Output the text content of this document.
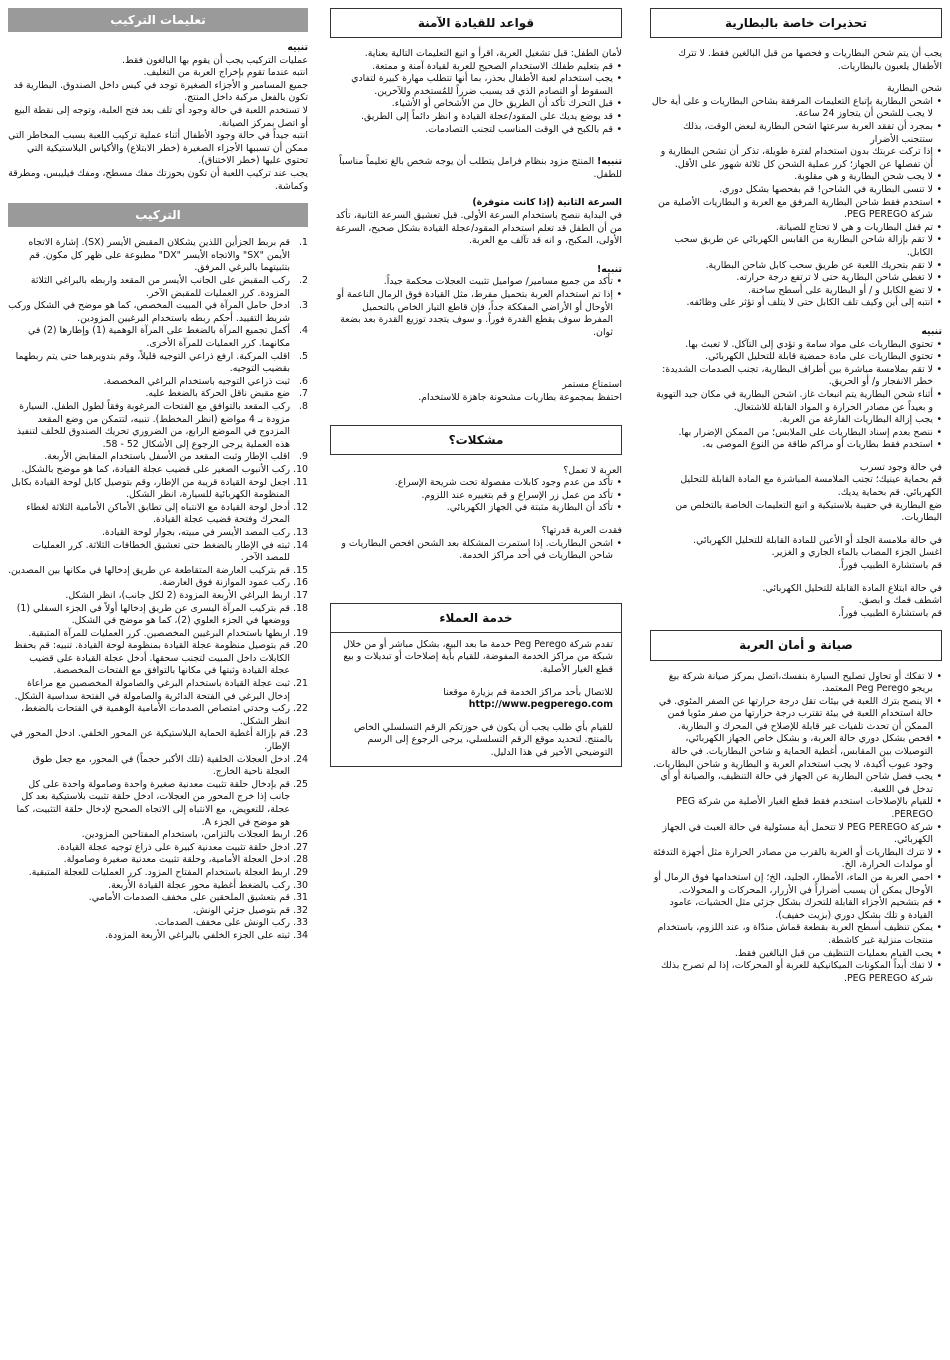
تعليمات التركيب

تنبيه

عمليات التركيب يجب أن يقوم بها البالغون فقط.

انتبه عندما تقوم بإخراج العربة من التغليف.

جميع المسامير و الأجزاء الصغيرة توجد في كيس داخل الصندوق. البطارية قد تكون بالفعل مركبة داخل المنتج.

لا تستخدم اللعبة في حالة وجود أي تلف بعد فتح العلبة، وتوجه إلى نقطة البيع أو اتصل بمركز الصيانة.

انتبه جيداً في حالة وجود الأطفال أثناء عملية تركيب اللعبة بسبب المخاطر التي ممكن أن تسببها الأجزاء الصغيرة (خطر الابتلاع) والأكياس البلاستيكية التي تحتوي عليها (خطر الاختناق).

يجب عند تركيب اللعبة أن تكون بحوزتك مفك مسطح، ومفك فيليبس، ومطرقة وكماشة.

التركيب
1.
قم بربط الجزأين اللذين يشكلان المقبض الأيسر (SX). إشارة الاتجاه الأيمن "SX" والاتجاه الأيسر "DX" مطبوعة على ظهر كل مكون. قم بتثبيتهما بالبرغي المرفق.
2.
ركب المقبض على الجانب الأيسر من المقعد واربطه بالبراغي الثلاثة المزودة. كرر العمليات للمقبض الآخر.
3.
ادخل حامل المرآة في المبيت المخصص، كما هو موضح في الشكل وركب شريط التقييد. أحكم ربطه باستخدام البرغيين المزودين.
4.
أكمل تجميع المرآة بالضغط على المرآة الوهمية (1) وإطارها (2) في مكانهما. كرر العمليات للمرآة الأخرى.
5.
اقلب المركبة. ارفع ذراعي التوجيه قليلاً، وقم بتدويرهما حتى يتم ربطهما بقضيب التوجيه.
6.
ثبت ذراعي التوجيه باستخدام البراغي المخصصة.
7.
ضع مقبض ناقل الحركة بالضغط عليه.
8.
ركب المقعد بالتوافق مع الفتحات المرغوبة وفقاً لطول الطفل. السيارة مزودة بـ 4 مواضع (انظر المخطط). تنبيه، لتتمكن من وضع المقعد المزدوج في الموضع الرابع، من الضروري تحريك الصندوق للخلف لتنفيذ هذه العملية يرجى الرجوع إلى الأشكال 52 - 58.
9.
اقلب الإطار وثبت المقعد من الأسفل باستخدام المقابض الأربعة.
10.
ركب الأنبوب الصغير على قضيب عجلة القيادة، كما هو موضح بالشكل.
11.
اجعل لوحة القيادة قريبة من الإطار، وقم بتوصيل كابل لوحة القيادة بكابل المنظومة الكهربائية للسيارة، انظر الشكل.
12.
أدخل لوحة القيادة مع الانتباه إلى تطابق الأماكن الأمامية الثلاثة لغطاء المحرك وفتحة قضيب عجلة القيادة.
13.
ركب المصد الأيسر في مبيته، بجوار لوحة القيادة.
14.
ثبته في الإطار بالضغط حتى تعشيق الخطافات الثلاثة. كرر العمليات للمصد الآخر.
15.
قم بتركيب العارضة المتقاطعة عن طريق إدخالها في مكانها بين المصدين.
16.
ركب عمود الموازنة فوق العارضة.
17.
اربط البراغي الأربعة المزودة (2 لكل جانب)، انظر الشكل.
18.
قم بتركيب المرآة اليسرى عن طريق إدخالها أولاً في الجزء السفلي (1) ووضعها في الجزء العلوي (2)، كما هو موضح في الشكل.
19.
اربطها باستخدام البرغيين المخصصين. كرر العمليات للمرآة المتبقية.
20.
قم بتوصيل منظومة عجلة القيادة بمنظومة لوحة القيادة. تنبيه: قم بحفظ الكابلات داخل المبيت لتجنب سحقها. أدخل عجلة القيادة على قضيب عجلة القيادة وثبتها في مكانها بالتوافق مع الفتحات المخصصة.
21.
ثبت عجلة القيادة باستخدام البرغي والصامولة المخصصين مع مراعاة إدخال البرغي في الفتحة الدائرية والصامولة في الفتحة سداسية الشكل.
22.
ركب وحدتي امتصاص الصدمات الأمامية الوهمية في الفتحات بالضغط، انظر الشكل.
23.
قم بإزالة أغطية الحماية البلاستيكية عن المحور الخلفي. ادخل المحور في الإطار.
24.
ادخل العجلات الخلفية (تلك الأكبر حجماً) في المحور، مع جعل طوق العجلة ناحية الخارج.
25.
قم بإدخال حلقة تثبيت معدنية صغيرة واحدة وصامولة واحدة على كل جانب إذا خرج المحور من العجلات، ادخل حلقة تثبيت بلاستيكية بعد كل عجلة، للتعويض، مع الانتباه إلى الاتجاه الصحيح لإدخال حلقة التثبيت، كما هو موضح في الجزء A.
26.
اربط العجلات بالتزامن، باستخدام المفتاحين المزودين.
27.
ادخل حلقة تثبيت معدنية كبيرة على ذراع توجيه عجلة القيادة.
28.
ادخل العجلة الأمامية، وحلقة تثبيت معدنية صغيرة وصامولة.
29.
اربط العجلة باستخدام المفتاح المزود. كرر العمليات للعجلة المتبقية.
30.
ركب بالضغط أغطية محور عجلة القيادة الأربعة.
31.
قم بتعشيق الملحقين على مخفف الصدمات الأمامي.
32.
قم بتوصيل جزئي الونش.
33.
ركب الونش على مخفف الصدمات.
34.
ثبته على الجزء الخلفي بالبراغي الأربعة المزودة.
قواعد للقيادة الآمنة

لأمان الطفل: قبل تشغيل العربة، اقرأ و اتبع التعليمات التالية بعناية.

• قم بتعليم طفلك الاستخدام الصحيح للعربة لقيادة آمنة و ممتعة.
• يجب استخدام لعبة الأطفال بحذر، بما أنها تتطلب مهارة كبيرة لتفادي السقوط أو التصادم الذي قد يسبب ضرراً للمُستخدم وللآخرين.
• قبل التحرك تأكد أن الطريق خال من الأشخاص أو الأشياء.
• قد يوضع يديك على المقود/عجلة القيادة و انظر دائماً إلى الطريق.
• قم بالكبح في الوقت المناسب لتجنب التصادمات.

تنبيه! المنتج مزود بنظام فرامل يتطلب أن يوجه شخص بالغ تعليماً مناسباً للطفل.

السرعة الثانية (إذا كانت متوفرة)

في البداية ننصح باستخدام السرعة الأولى. قبل تعشيق السرعة الثانية، تأكد من أن الطفل قد تعلم استخدام المقود/عجلة القيادة بشكل صحيح، السرعة الأولى، المكبح، و انه قد تآلف مع العربة.

تنبيه!

• تأكد من جميع مسامير/ صواميل تثبيت العجلات محكمة جيداً.
• إذا تم استخدام العربة بتحميل مفرط، مثل القيادة فوق الرمال الناعمة أو الأوحال أو الأراضي المفككة جداً، فإن قاطع التيار الخاص بالتحميل المفرط سوف يقطع القدرة فوراً. و سوف يتجدد توزيع القدرة بعد بضعة ثوان.

استمتاع مستمر

احتفظ بمجموعة بطاريات مشحونة جاهزة للاستخدام.

مشكلات؟

العربة لا تعمل؟

• تأكد من عدم وجود كابلات مفصولة تحت شريحة الإسراع.
• تأكد من عمل زر الإسراع و قم بتغييره عند اللزوم.
• تأكد أن البطارية مثبتة في الجهاز الكهربائي.

فقدت العربة قدرتها؟

• اشحن البطاريات. إذا استمرت المشكلة بعد الشحن افحص البطاريات و شاحن البطاريات في أحد مراكز الخدمة.
خدمة العملاء

تقدم شركة Peg Perego خدمة ما بعد البيع، بشكل مباشر أو من خلال شبكة من مراكز الخدمة المفوضة، للقيام بأية إصلاحات أو تبديلات و بيع قطع الغيار الأصلية.

للاتصال بأحد مراكز الخدمة قم بزيارة موقعنا

http://www.pegperego.com

للقيام بأي طلب يجب أن يكون في حوزتكم الرقم التسلسلي الخاص بالمنتج. لتحديد موقع الرقم التسلسلي، يرجى الرجوع إلى الرسم التوضيحي الأخير في هذا الدليل.

تحذيرات خاصة بالبطارية

يجب أن يتم شحن البطاريات و فحصها من قبل البالغين فقط. لا تترك الأطفال يلعبون بالبطاريات.

شحن البطارية

• اشحن البطارية بإتباع التعليمات المرفقة بشاحن البطاريات و على أية حال لا يجب للشحن أن يتجاوز 24 ساعة.
• بمجرد أن تفقد العربة سرعتها اشحن البطارية لبعض الوقت، بذلك ستتجنب الأضرار
• إذا تركت عربتك بدون استخدام لفترة طويلة، تذكر أن تشحن البطارية و أن تفصلها عن الجهاز؛ كرر عملية الشحن كل ثلاثة شهور على الأقل.
• لا يجب شحن البطارية و هي مقلوبة.
• لا تنسى البطارية في الشاحن! قم بفحصها بشكل دوري.
• استخدم فقط شاحن البطارية المرفق مع العربة و البطاريات الأصلية من شركة PEG PEREGO.
• تم قفل البطاريات و هي لا تحتاج للصيانة.
• لا تقم بإزالة شاحن البطارية من القابس الكهربائي عن طريق سحب الكابل.
• لا تقم بتحريك اللعبة عن طريق سحب كابل شاحن البطارية.
• لا تغطي شاحن البطارية حتى لا ترتفع درجة حرارته.
• لا تضع الكابل و / أو البطارية على أسطح ساخنة.
• انتبه إلى أين وكيف تلف الكابل حتى لا يتلف أو تؤثر على وظائفه.

تنبيه

• تحتوي البطاريات على مواد سامة و تؤدي إلى التآكل. لا تعبث بها.
• تحتوي البطاريات على مادة حمضية قابلة للتحليل الكهربائي.
• لا تقم بملامسة مباشرة بين أطراف البطارية، تجنب الصدمات الشديدة: خطر الانفجار و/ أو الحريق.
• أثناء شحن البطارية يتم انبعاث غاز. اشحن البطارية في مكان جيد التهوية و بعيداً عن مصادر الحرارة و المواد القابلة للاشتعال.
• يجب إزالة البطاريات الفارغة من العربة.
• ننصح بعدم إسناد البطاريات على الملابس؛ من الممكن الإضرار بها.
• استخدم فقط بطاريات أو مراكم طاقة من النوع الموصى به.

في حالة وجود تسرب

قم بحماية عينيك؛ تجنب الملامسة المباشرة مع المادة القابلة للتحليل الكهربائي. قم بحماية يديك.

ضع البطارية في حقيبة بلاستيكية و اتبع التعليمات الخاصة بالتخلص من البطاريات.

في حالة ملامسة الجلد أو الأعين للمادة القابلة للتحليل الكهربائي.

اغسل الجزء المصاب بالماء الجاري و الغزير.

قم باستشارة الطبيب فوراً.

في حالة ابتلاع المادة القابلة للتحليل الكهربائي.

اشطف فمك و ابصق.

قم باستشارة الطبيب فوراً.

صيانة و أمان العربة
• لا تفكك أو تحاول تصليح السيارة بنفسك،اتصل بمركز صيانة شركة بيغ بريجو Peg Perego المعتمد.
• الا ينصح بترك اللعبة في بيئات تقل درجة حرارتها عن الصفر المئوي. في حالة استخدام اللعبة في بيئة تقترب درجة حرارتها من صفر مئويا فمن الممكن أن تحدث تلفيات غير قابلة للإصلاح في المحرك و البطارية.
• افحص بشكل دوري حالة العربة، و بشكل خاص الجهاز الكهربائي، التوصيلات بين المقابس، أغطية الحماية و شاحن البطاريات. في حالة وجود عيوب أكيدة، لا يجب استخدام العربة و البطارية و شاحن البطاريات.
• يجب فصل شاحن البطارية عن الجهاز في حالة التنظيف، والصيانة أو أي تدخل في اللعبة.
• للقيام بالإصلاحات استخدم فقط قطع الغيار الأصلية من شركة PEG PEREGO.
• شركة PEG PEREGO لا تتحمل أية مسئولية في حالة العبث في الجهاز الكهربائي.
• لا تترك البطاريات أو العربة بالقرب من مصادر الحرارة مثل أجهزة التدفئة أو مولدات الحرارة، الخ.
• احمي العربة من الماء، الأمطار، الجليد، الخ؛ إن استخدامها فوق الرمال أو الأوحال يمكن أن يسبب أضراراً في الأزرار، المحركات و المحولات.
• قم بتشحيم الأجزاء القابلة للتحرك بشكل جزئي مثل الحشيات، عامود القيادة و تلك بشكل دوري (بزيت خفيف).
• يمكن تنظيف أسطح العربة بقطعة قماش مندّاة و، عند اللزوم، باستخدام منتجات منزلية غير كاشطة.
• يجب القيام بعمليات التنظيف من قبل البالغين فقط.
• لا تفك أبداً المكونات الميكانيكية للعربة أو المحركات، إذا لم تصرح بذلك شركة PEG PEREGO.
